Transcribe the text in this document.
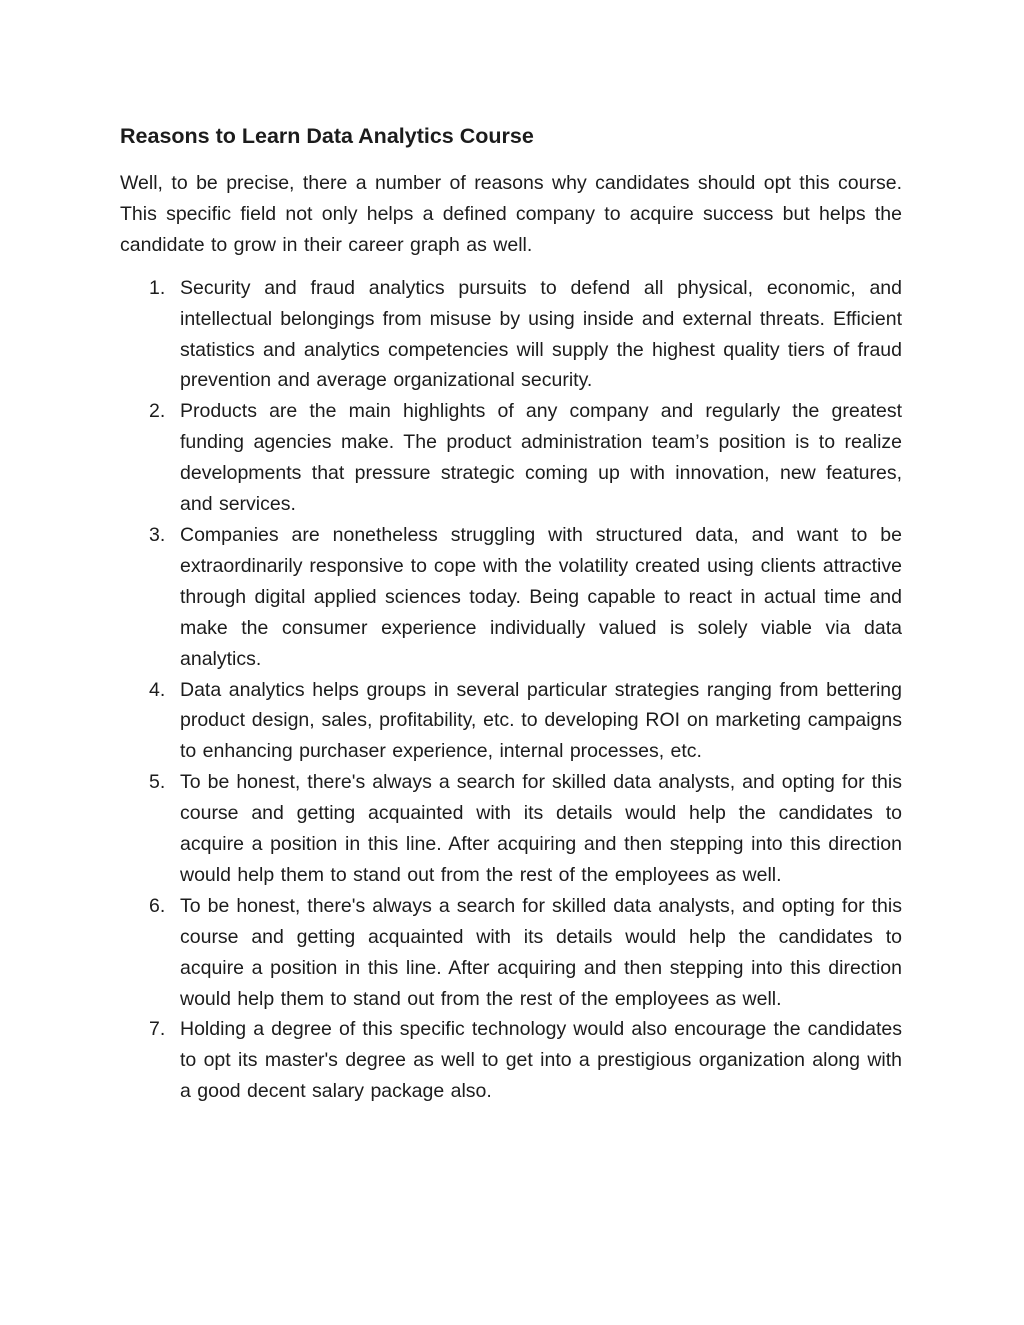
Reasons to Learn Data Analytics Course

Well, to be precise, there a number of reasons why candidates should opt this course. This specific field not only helps a defined company to acquire success but helps the candidate to grow in their career graph as well.

1. Security and fraud analytics pursuits to defend all physical, economic, and intellectual belongings from misuse by using inside and external threats. Efficient statistics and analytics competencies will supply the highest quality tiers of fraud prevention and average organizational security.
2. Products are the main highlights of any company and regularly the greatest funding agencies make. The product administration team’s position is to realize developments that pressure strategic coming up with innovation, new features, and services.
3. Companies are nonetheless struggling with structured data, and want to be extraordinarily responsive to cope with the volatility created using clients attractive through digital applied sciences today. Being capable to react in actual time and make the consumer experience individually valued is solely viable via data analytics.
4. Data analytics helps groups in several particular strategies ranging from bettering product design, sales, profitability, etc. to developing ROI on marketing campaigns to enhancing purchaser experience, internal processes, etc.
5. To be honest, there's always a search for skilled data analysts, and opting for this course and getting acquainted with its details would help the candidates to acquire a position in this line. After acquiring and then stepping into this direction would help them to stand out from the rest of the employees as well.
6. To be honest, there's always a search for skilled data analysts, and opting for this course and getting acquainted with its details would help the candidates to acquire a position in this line. After acquiring and then stepping into this direction would help them to stand out from the rest of the employees as well.
7. Holding a degree of this specific technology would also encourage the candidates to opt its master's degree as well to get into a prestigious organization along with a good decent salary package also.
